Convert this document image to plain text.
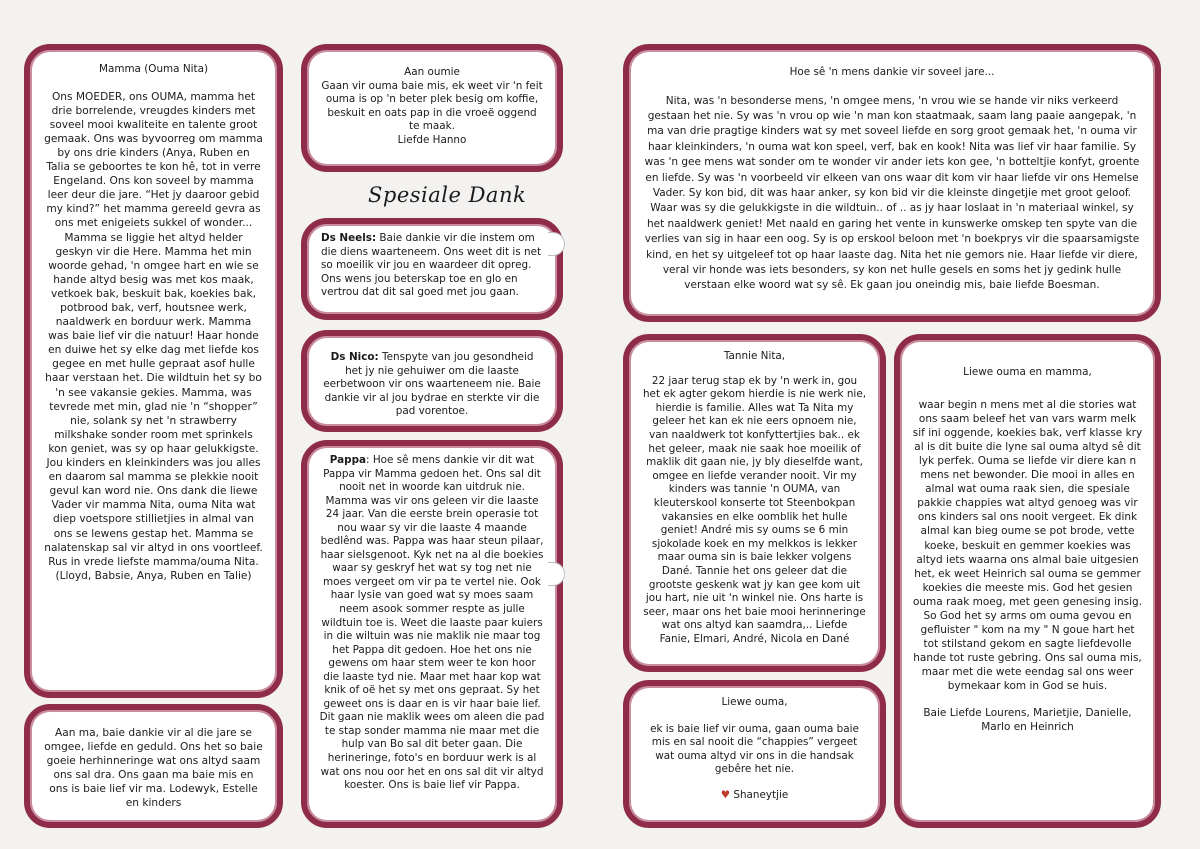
Mamma (Ouma Nita)

Ons MOEDER, ons OUMA, mamma het drie borrelende, vreugdes kinders met soveel mooi kwaliteite en talente groot gemaak. Ons was byvoorreg om mamma by ons drie kinders (Anya, Ruben en Talia se geboortes te kon hê, tot in verre Engeland. Ons kon soveel by mamma leer deur die jare. “Het jy daaroor gebid my kind?” het mamma gereeld gevra as ons met enigeiets sukkel of wonder... Mamma se liggie het altyd helder geskyn vir die Here. Mamma het min woorde gehad, 'n omgee hart en wie se hande altyd besig was met kos maak, vetkoek bak, beskuit bak, koekies bak, potbrood bak, verf, houtsnee werk, naaldwerk en borduur werk. Mamma was baie lief vir die natuur! Haar honde en duiwe het sy elke dag met liefde kos gegee en met hulle gepraat asof hulle haar verstaan het. Die wildtuin het sy bo 'n see vakansie gekies. Mamma, was tevrede met min, glad nie 'n “shopper” nie, solank sy net 'n strawberry milkshake sonder room met sprinkels kon geniet, was sy op haar gelukkigste. Jou kinders en kleinkinders was jou alles en daarom sal mamma se plekkie nooit gevul kan word nie. Ons dank die liewe Vader vir mamma Nita, ouma Nita wat diep voetspore stillietjies in almal van ons se lewens gestap het. Mamma se nalatenskap sal vir altyd in ons voortleef. Rus in vrede liefste mamma/ouma Nita.

(Lloyd, Babsie, Anya, Ruben en Talie)

Aan ma, baie dankie vir al die jare se omgee, liefde en geduld. Ons het so baie goeie herhinneringe wat ons altyd saam ons sal dra. Ons gaan ma baie mis en ons is baie lief vir ma. Lodewyk, Estelle en kinders

Aan oumie

Gaan vir ouma baie mis, ek weet vir 'n feit ouma is op 'n beter plek besig om koffie, beskuit en oats pap in die vroeë oggend te maak.

Liefde Hanno

Spesiale Dank

Ds Neels: Baie dankie vir die instem om die diens waarteneem. Ons weet dit is net so moeilik vir jou en waardeer dit opreg. Ons wens jou beterskap toe en glo en vertrou dat dit sal goed met jou gaan.

Ds Nico: Tenspyte van jou gesondheid het jy nie gehuiwer om die laaste eerbetwoon vir ons waarteneem nie. Baie dankie vir al jou bydrae en sterkte vir die pad vorentoe.

Pappa: Hoe sê mens dankie vir dit wat Pappa vir Mamma gedoen het. Ons sal dit nooit net in woorde kan uitdruk nie. Mamma was vir ons geleen vir die laaste 24 jaar. Van die eerste brein operasie tot nou waar sy vir die laaste 4 maande bedlênd was. Pappa was haar steun pilaar, haar sielsgenoot. Kyk net na al die boekies waar sy geskryf het wat sy tog net nie moes vergeet om vir pa te vertel nie. Ook haar lysie van goed wat sy moes saam neem asook sommer respte as julle wildtuin toe is. Weet die laaste paar kuiers in die wiltuin was nie maklik nie maar tog het Pappa dit gedoen. Hoe het ons nie gewens om haar stem weer te kon hoor die laaste tyd nie. Maar met haar kop wat knik of oë het sy met ons gepraat. Sy het geweet ons is daar en is vir haar baie lief. Dit gaan nie maklik wees om aleen die pad te stap sonder mamma nie maar met die hulp van Bo sal dit beter gaan. Die herineringe, foto's en borduur werk is al wat ons nou oor het en ons sal dit vir altyd koester. Ons is baie lief vir Pappa.

Hoe sê 'n mens dankie vir soveel jare...

Nita, was 'n besonderse mens, 'n omgee mens, 'n vrou wie se hande vir niks verkeerd gestaan het nie. Sy was 'n vrou op wie 'n man kon staatmaak, saam lang paaie aangepak, 'n ma van drie pragtige kinders wat sy met soveel liefde en sorg groot gemaak het, 'n ouma vir haar kleinkinders, 'n ouma wat kon speel, verf, bak en kook! Nita was lief vir haar familie. Sy was 'n gee mens wat sonder om te wonder vir ander iets kon gee, 'n botteltjie konfyt, groente en liefde. Sy was 'n voorbeeld vir elkeen van ons waar dit kom vir haar liefde vir ons Hemelse Vader. Sy kon bid, dit was haar anker, sy kon bid vir die kleinste dingetjie met groot geloof. Waar was sy die gelukkigste in die wildtuin.. of .. as jy haar loslaat in 'n materiaal winkel, sy het naaldwerk geniet! Met naald en garing het vente in kunswerke omskep ten spyte van die verlies van sig in haar een oog. Sy is op erskool beloon met 'n boekprys vir die spaarsamigste kind, en het sy uitgeleef tot op haar laaste dag. Nita het nie gemors nie. Haar liefde vir diere, veral vir honde was iets besonders, sy kon net hulle gesels en soms het jy gedink hulle verstaan elke woord wat sy sê. Ek gaan jou oneindig mis, baie liefde Boesman.

Tannie Nita,

22 jaar terug stap ek by 'n werk in, gou het ek agter gekom hierdie is nie werk nie, hierdie is familie. Alles wat Ta Nita my geleer het kan ek nie eers opnoem nie, van naaldwerk tot konfyttertjies bak.. ek het geleer, maak nie saak hoe moeilik of maklik dit gaan nie, jy bly dieselfde want, omgee en liefde verander nooit. Vir my kinders was tannie 'n OUMA, van kleuterskool konserte tot Steenbokpan vakansies en elke oomblik het hulle geniet! André mis sy oums se 6 min sjokolade koek en my melkkos is lekker maar ouma sin is baie lekker volgens Dané. Tannie het ons geleer dat die grootste geskenk wat jy kan gee kom uit jou hart, nie uit 'n winkel nie. Ons harte is seer, maar ons het baie mooi herinneringe wat ons altyd kan saamdra,.. Liefde

Fanie, Elmari, André, Nicola en Dané

Liewe ouma,

ek is baie lief vir ouma, gaan ouma baie mis en sal nooit die “chappies” vergeet wat ouma altyd vir ons in die handsak gebêre het nie.

♥ Shaneytjie

Liewe ouma en mamma,

waar begin n mens met al die stories wat ons saam beleef het van vars warm melk sif ini oggende, koekies bak, verf klasse kry al is dit buite die lyne sal ouma altyd sê dit lyk perfek. Ouma se liefde vir diere kan n mens net bewonder. Die mooi in alles en almal wat ouma raak sien, die spesiale pakkie chappies wat altyd genoeg was vir ons kinders sal ons nooit vergeet. Ek dink almal kan bieg oume se pot brode, vette koeke, beskuit en gemmer koekies was altyd iets waarna ons almal baie uitgesien het, ek weet Heinrich sal ouma se gemmer koekies die meeste mis. God het gesien ouma raak moeg, met geen genesing insig. So God het sy arms om ouma gevou en gefluister " kom na my " N goue hart het tot stilstand gekom en sagte liefdevolle hande tot ruste gebring. Ons sal ouma mis, maar met die wete eendag sal ons weer bymekaar kom in God se huis.

Baie Liefde Lourens, Marietjie, Danielle, Marlo en Heinrich
